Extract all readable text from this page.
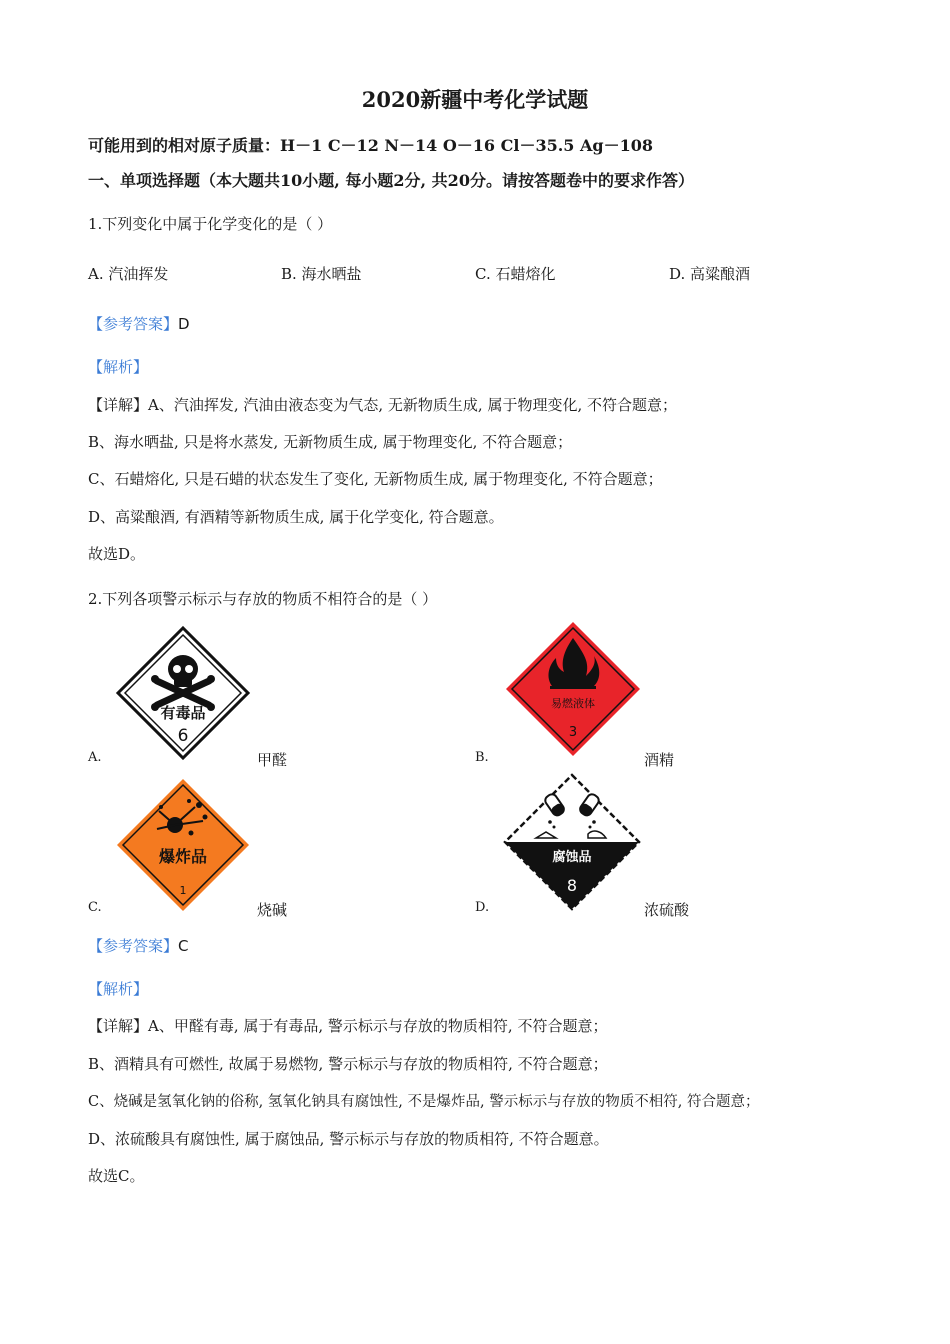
2020新疆中考化学试题
可能用到的相对原子质量：H－1 C－12 N－14 O－16 Cl－35.5 Ag－108
一、单项选择题（本大题共10小题, 每小题2分, 共20分。请按答题卷中的要求作答）
1.下列变化中属于化学变化的是（ ）
A. 汽油挥发	B. 海水晒盐	C. 石蜡熔化	D. 高粱酿酒
【参考答案】D
【解析】
【详解】A、汽油挥发, 汽油由液态变为气态, 无新物质生成, 属于物理变化, 不符合题意；
B、海水晒盐, 只是将水蒸发, 无新物质生成, 属于物理变化, 不符合题意；
C、石蜡熔化, 只是石蜡的状态发生了变化, 无新物质生成, 属于物理变化, 不符合题意；
D、高粱酿酒, 有酒精等新物质生成, 属于化学变化, 符合题意。
故选D。
2.下列各项警示标示与存放的物质不相符合的是（ ）
有毒品
6
A.	甲醛
易燃液体
3
B.	酒精
爆炸品
1
C.	烧碱
腐蚀品
8
D.	浓硫酸
【参考答案】C
【解析】
【详解】A、甲醛有毒, 属于有毒品, 警示标示与存放的物质相符, 不符合题意；
B、酒精具有可燃性, 故属于易燃物, 警示标示与存放的物质相符, 不符合题意；
C、烧碱是氢氧化钠的俗称, 氢氧化钠具有腐蚀性, 不是爆炸品, 警示标示与存放的物质不相符, 符合题意；
D、浓硫酸具有腐蚀性, 属于腐蚀品, 警示标示与存放的物质相符, 不符合题意。
故选C。
